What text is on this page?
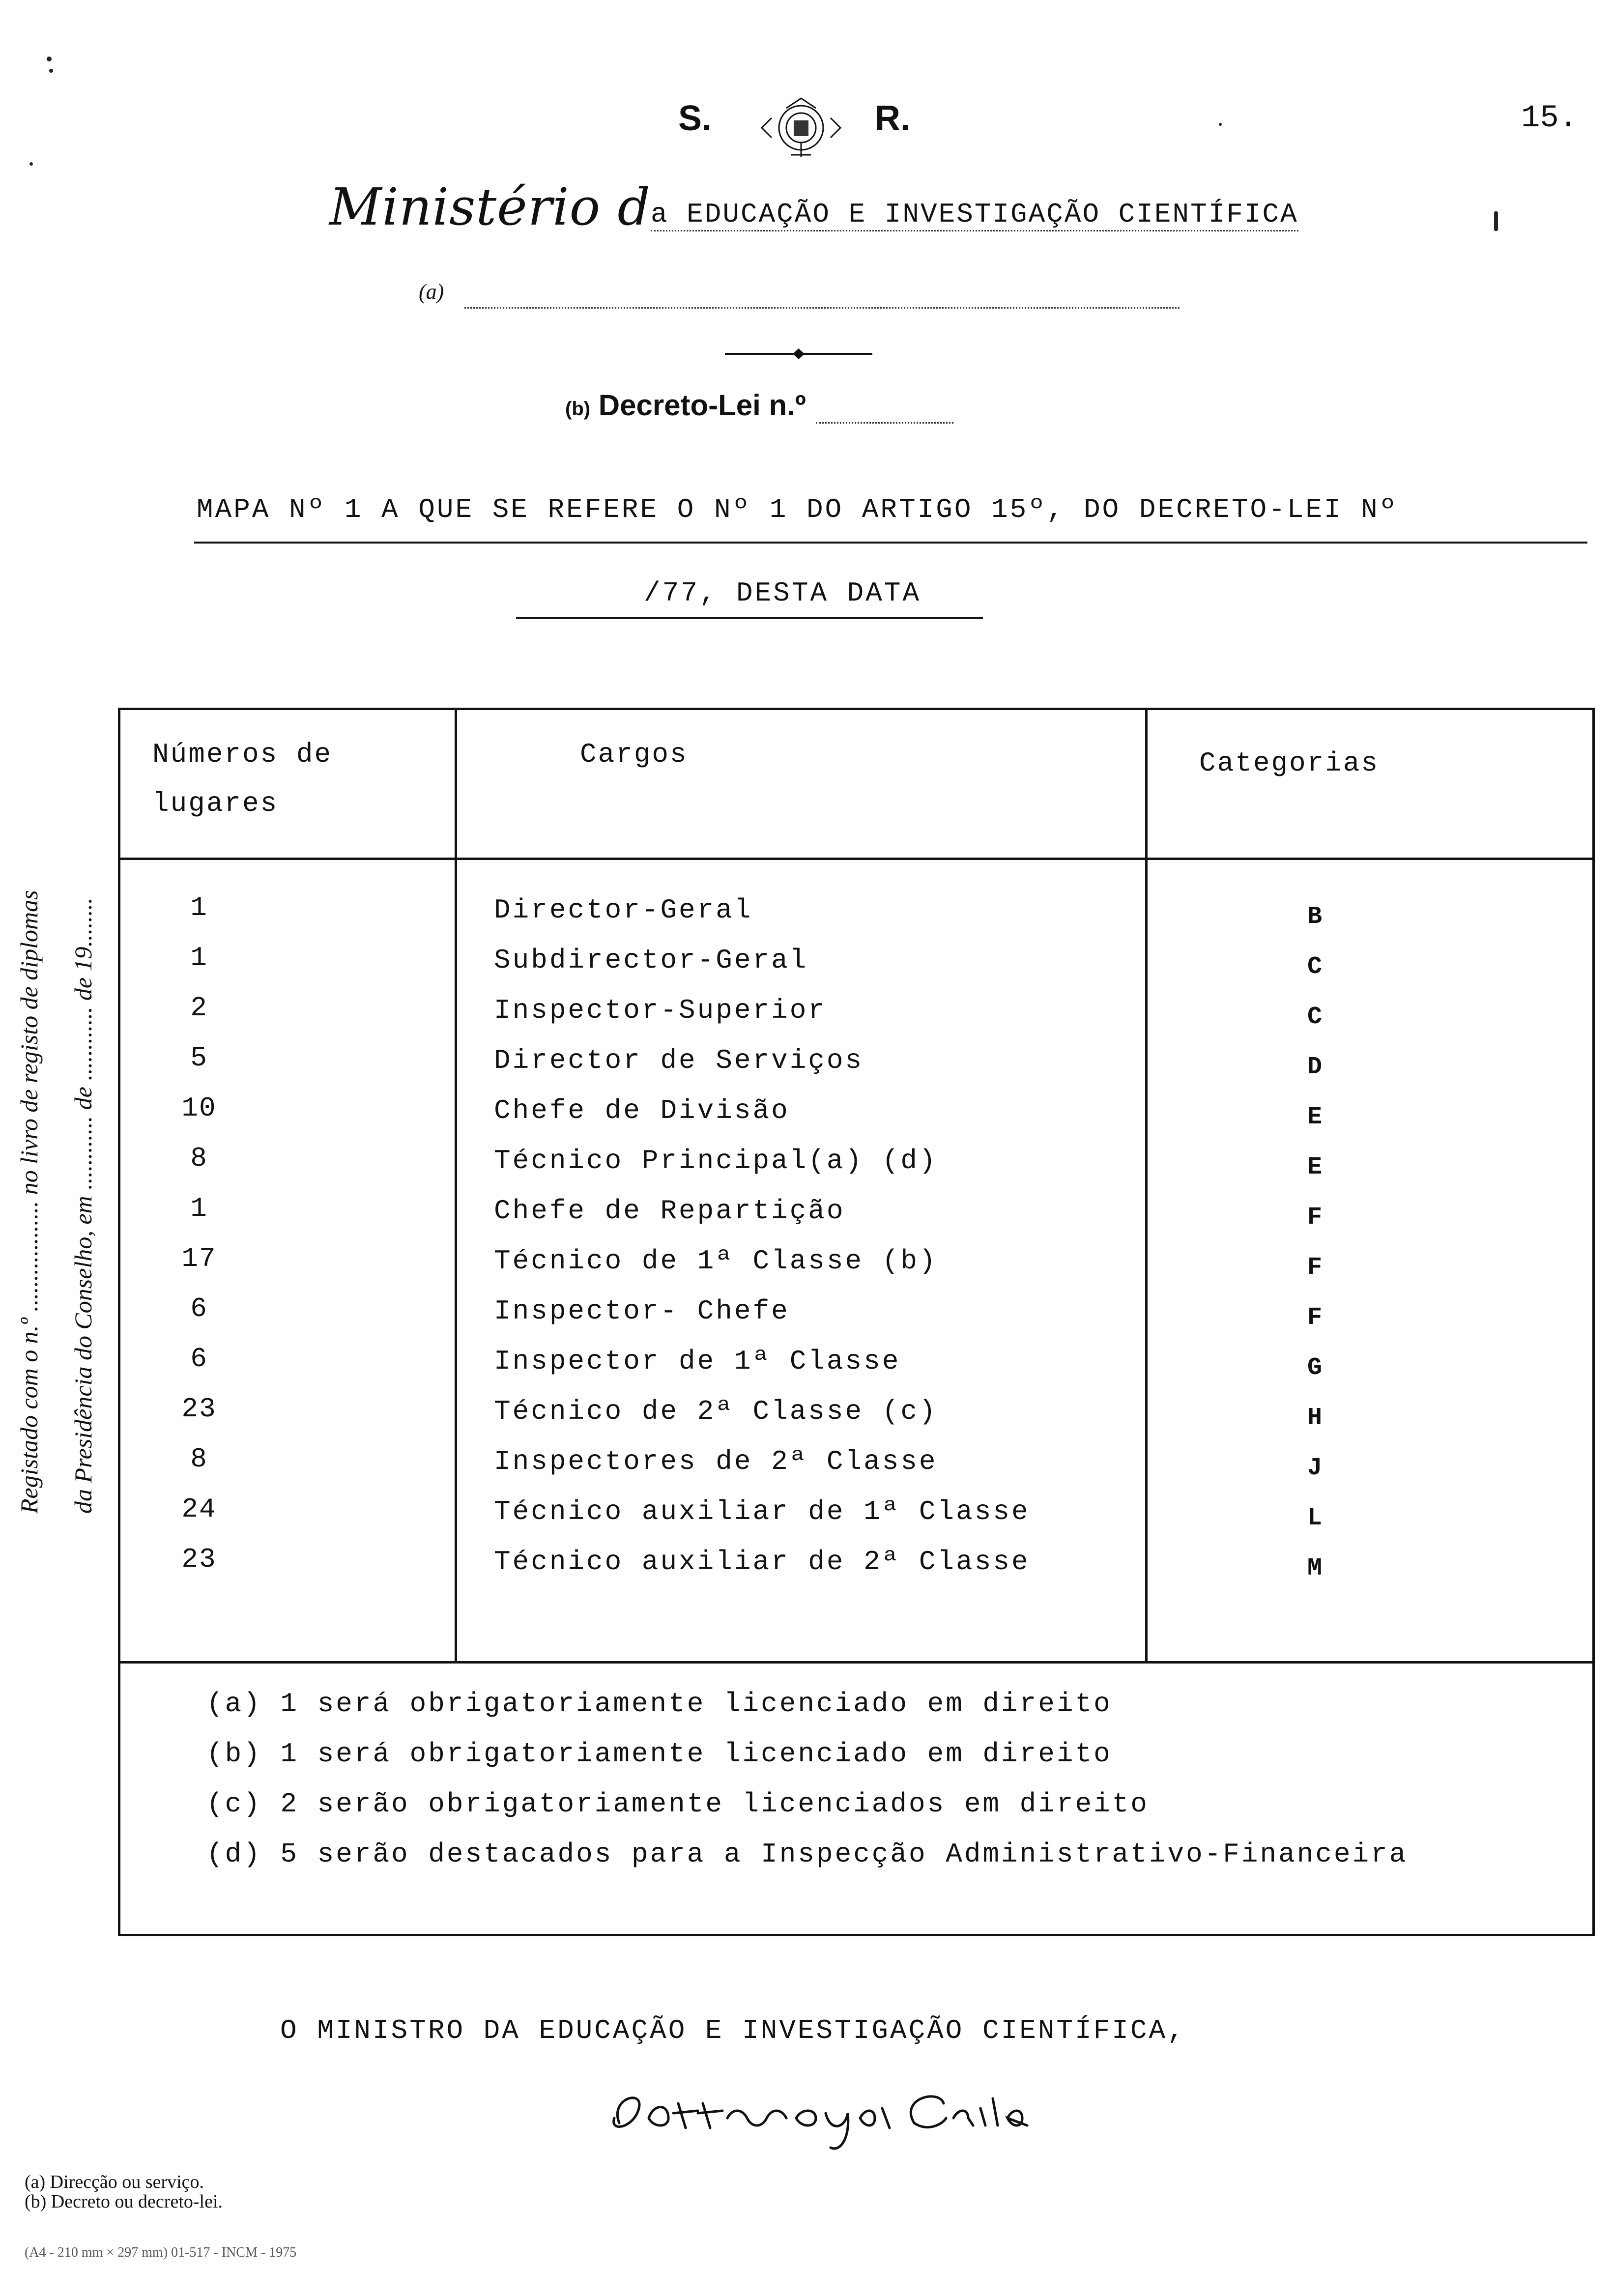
S.	R.	15.
Ministério da EDUCAÇÃO E INVESTIGAÇÃO CIENTÍFICA
(a)
(b) Decreto-Lei n.º
MAPA Nº 1 A QUE SE REFERE O Nº 1 DO ARTIGO 15º, DO DECRETO-LEI Nº
/77, DESTA DATA
Registado com o n.º .................. no livro de registo de diplomas da Presidência do Conselho, em ............ de ............ de 19........
Números de
lugares
Cargos	Categorias
1	Director-Geral	B
1	Subdirector-Geral	C
2	Inspector-Superior	C
5	Director de Serviços	D
10	Chefe de Divisão	E
8	Técnico Principal(a) (d)	E
1	Chefe de Repartição	F
17	Técnico de 1ª Classe (b)	F
6	Inspector- Chefe	F
6	Inspector de 1ª Classe	G
23	Técnico de 2ª Classe (c)	H
8	Inspectores de 2ª Classe	J
24	Técnico auxiliar de 1ª Classe	L
23	Técnico auxiliar de 2ª Classe	M
(a) 1 será obrigatoriamente licenciado em direito
(b) 1 será obrigatoriamente licenciado em direito
(c) 2 serão obrigatoriamente licenciados em direito
(d) 5 serão destacados para a Inspecção Administrativo-Financeira
O MINISTRO DA EDUCAÇÃO E INVESTIGAÇÃO CIENTÍFICA,
(a) Direcção ou serviço.
(b) Decreto ou decreto-lei.
(A4 - 210 mm × 297 mm) 01-517 - INCM - 1975
